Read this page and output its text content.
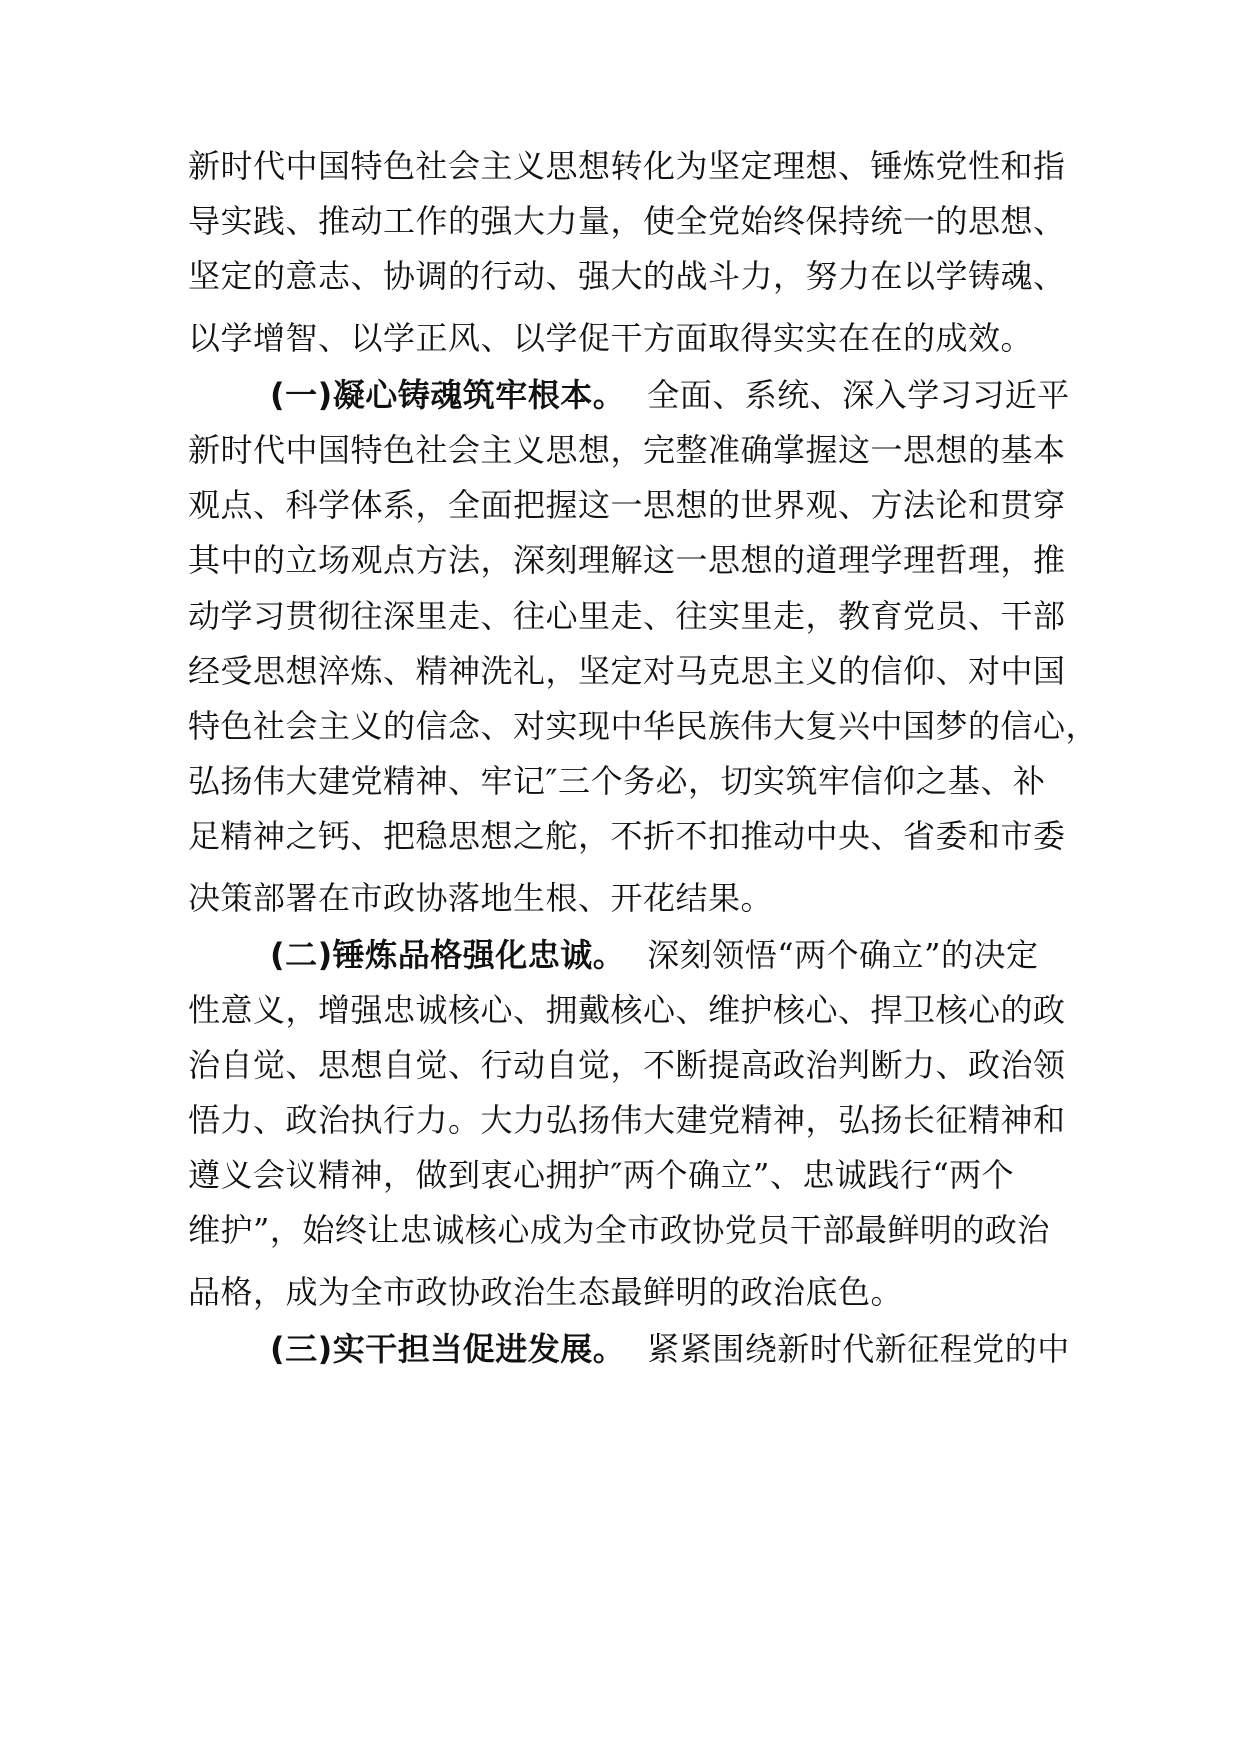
新时代中国特色社会主义思想转化为坚定理想、锤炼党性和指
导实践、推动工作的强大力量，使全党始终保持统一的思想、
坚定的意志、协调的行动、强大的战斗力，努力在以学铸魂、
以学增智、以学正风、以学促干方面取得实实在在的成效。
(一)凝心铸魂筑牢根本。 全面、系统、深入学习习近平
新时代中国特色社会主义思想，完整准确掌握这一思想的基本
观点、科学体系，全面把握这一思想的世界观、方法论和贯穿
其中的立场观点方法，深刻理解这一思想的道理学理哲理，推
动学习贯彻往深里走、往心里走、往实里走，教育党员、干部
经受思想淬炼、精神洗礼，坚定对马克思主义的信仰、对中国
特色社会主义的信念、对实现中华民族伟大复兴中国梦的信心，
弘扬伟大建党精神、牢记″三个务必，切实筑牢信仰之基、补
足精神之钙、把稳思想之舵，不折不扣推动中央、省委和市委
决策部署在市政协落地生根、开花结果。
(二)锤炼品格强化忠诚。 深刻领悟“两个确立”的决定
性意义，增强忠诚核心、拥戴核心、维护核心、捍卫核心的政
治自觉、思想自觉、行动自觉，不断提高政治判断力、政治领
悟力、政治执行力。大力弘扬伟大建党精神，弘扬长征精神和
遵义会议精神，做到衷心拥护″两个确立”、忠诚践行“两个
维护”，始终让忠诚核心成为全市政协党员干部最鲜明的政治
品格，成为全市政协政治生态最鲜明的政治底色。
(三)实干担当促进发展。 紧紧围绕新时代新征程党的中
